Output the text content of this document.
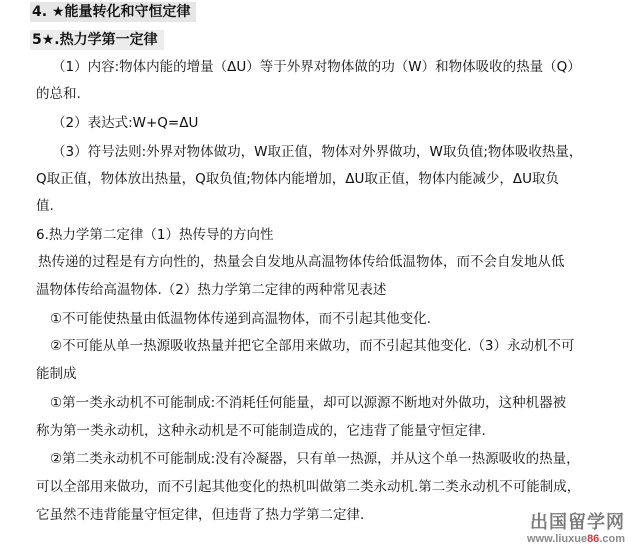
4. ★能量转化和守恒定律
5★.热力学第一定律
（1）内容:物体内能的增量（ΔU）等于外界对物体做的功（W）和物体吸收的热量（Q）
的总和.
（2）表达式:W+Q=ΔU
（3）符号法则:外界对物体做功，W取正值，物体对外界做功，W取负值;物体吸收热量，
Q取正值，物体放出热量，Q取负值;物体内能增加，ΔU取正值，物体内能减少，ΔU取负
值.
6.热力学第二定律（1）热传导的方向性
热传递的过程是有方向性的，热量会自发地从高温物体传给低温物体，而不会自发地从低
温物体传给高温物体.（2）热力学第二定律的两种常见表述
①不可能使热量由低温物体传递到高温物体，而不引起其他变化.
②不可能从单一热源吸收热量并把它全部用来做功，而不引起其他变化.（3）永动机不可
能制成
①第一类永动机不可能制成:不消耗任何能量，却可以源源不断地对外做功，这种机器被
称为第一类永动机，这种永动机是不可能制造成的，它违背了能量守恒定律.
②第二类永动机不可能制成:没有冷凝器，只有单一热源，并从这个单一热源吸收的热量，
可以全部用来做功，而不引起其他变化的热机叫做第二类永动机.第二类永动机不可能制成，
它虽然不违背能量守恒定律，但违背了热力学第二定律.	出国留学网
www.liuxue86.com
